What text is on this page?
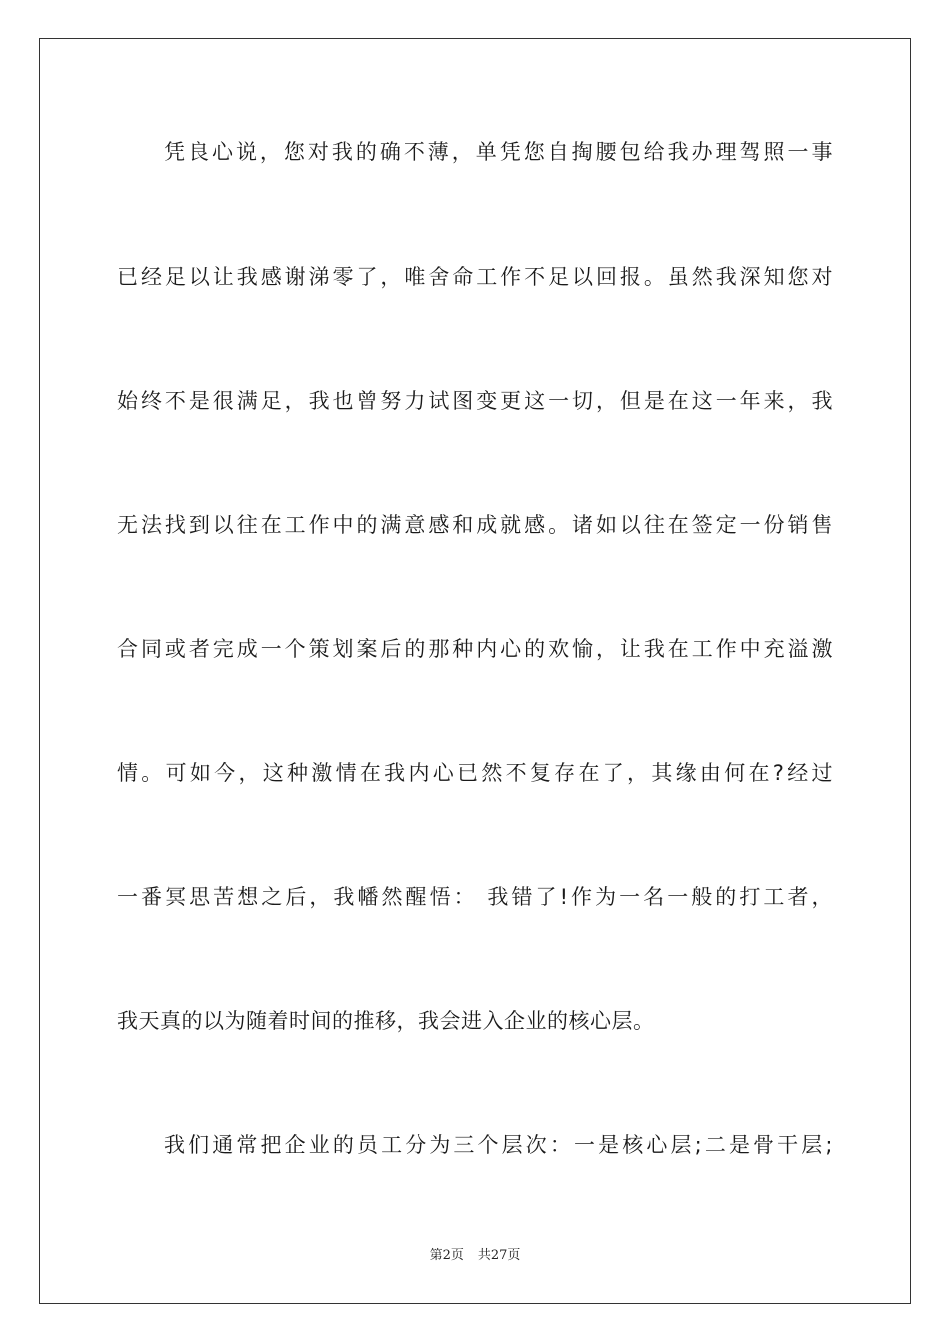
凭良心说，您对我的确不薄，单凭您自掏腰包给我办理驾照一事
已经足以让我感谢涕零了，唯舍命工作不足以回报。虽然我深知您对
始终不是很满足，我也曾努力试图变更这一切，但是在这一年来，我
无法找到以往在工作中的满意感和成就感。诸如以往在签定一份销售
合同或者完成一个策划案后的那种内心的欢愉，让我在工作中充溢激
情。可如今，这种激情在我内心已然不复存在了，其缘由何在?经过
一番冥思苦想之后，我幡然醒悟： 我错了!作为一名一般的打工者，
我天真的以为随着时间的推移，我会进入企业的核心层。
我们通常把企业的员工分为三个层次：一是核心层;二是骨干层;
第2页 共27页
